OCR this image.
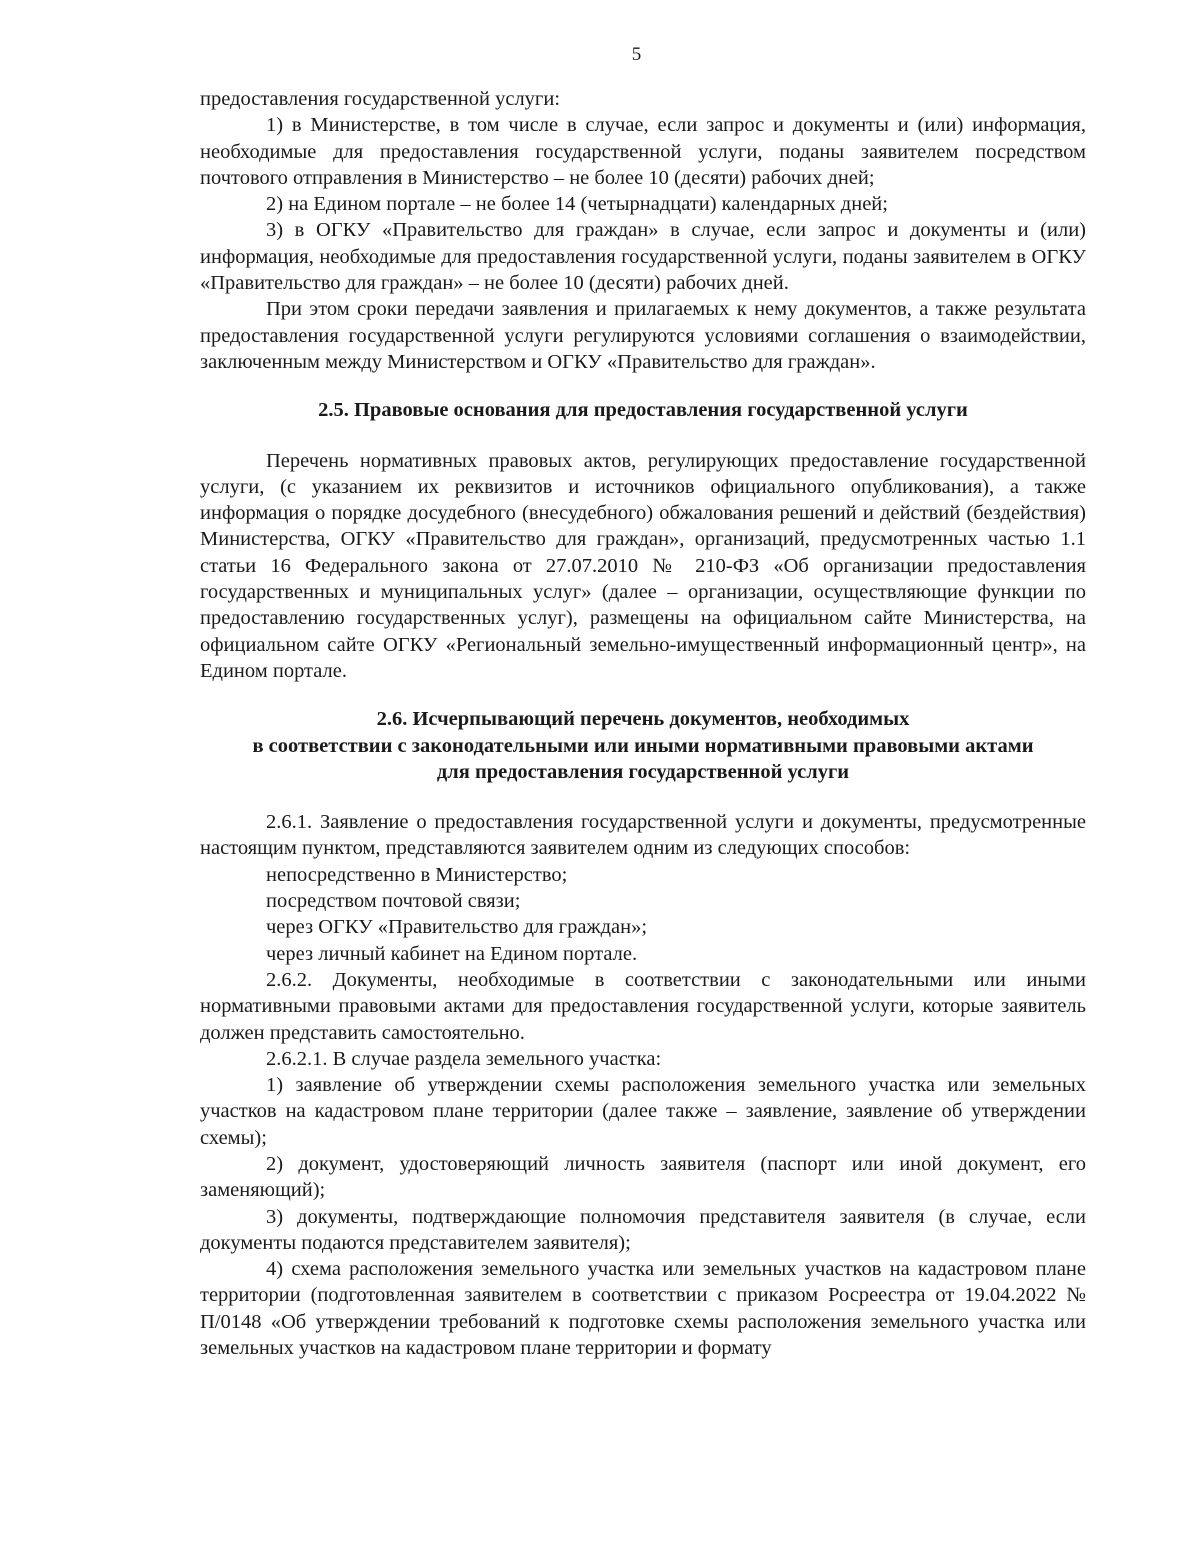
5

предоставления государственной услуги:

1) в Министерстве, в том числе в случае, если запрос и документы и (или) информация, необходимые для предоставления государственной услуги, поданы заявителем посредством почтового отправления в Министерство – не более 10 (десяти) рабочих дней;

2) на Едином портале – не более 14 (четырнадцати) календарных дней;

3) в ОГКУ «Правительство для граждан» в случае, если запрос и документы и (или) информация, необходимые для предоставления государственной услуги, поданы заявителем в ОГКУ «Правительство для граждан» – не более 10 (десяти) рабочих дней.

При этом сроки передачи заявления и прилагаемых к нему документов, а также результата предоставления государственной услуги регулируются условиями соглашения о взаимодействии, заключенным между Министерством и ОГКУ «Правительство для граждан».

2.5. Правовые основания для предоставления государственной услуги

Перечень нормативных правовых актов, регулирующих предоставление государственной услуги, (с указанием их реквизитов и источников официального опубликования), а также информация о порядке досудебного (внесудебного) обжалования решений и действий (бездействия) Министерства, ОГКУ «Правительство для граждан», организаций, предусмотренных частью 1.1 статьи 16 Федерального закона от 27.07.2010 № 210-ФЗ «Об организации предоставления государственных и муниципальных услуг» (далее – организации, осуществляющие функции по предоставлению государственных услуг), размещены на официальном сайте Министерства, на официальном сайте ОГКУ «Региональный земельно-имущественный информационный центр», на Едином портале.

2.6. Исчерпывающий перечень документов, необходимых
в соответствии с законодательными или иными нормативными правовыми актами
для предоставления государственной услуги

2.6.1. Заявление о предоставления государственной услуги и документы, предусмотренные настоящим пунктом, представляются заявителем одним из следующих способов:

непосредственно в Министерство;

посредством почтовой связи;

через ОГКУ «Правительство для граждан»;

через личный кабинет на Едином портале.

2.6.2. Документы, необходимые в соответствии с законодательными или иными нормативными правовыми актами для предоставления государственной услуги, которые заявитель должен представить самостоятельно.

2.6.2.1. В случае раздела земельного участка:

1) заявление об утверждении схемы расположения земельного участка или земельных участков на кадастровом плане территории (далее также – заявление, заявление об утверждении схемы);

2) документ, удостоверяющий личность заявителя (паспорт или иной документ, его заменяющий);

3) документы, подтверждающие полномочия представителя заявителя (в случае, если документы подаются представителем заявителя);

4) схема расположения земельного участка или земельных участков на кадастровом плане территории (подготовленная заявителем в соответствии с приказом Росреестра от 19.04.2022 № П/0148 «Об утверждении требований к подготовке схемы расположения земельного участка или земельных участков на кадастровом плане территории и формату
